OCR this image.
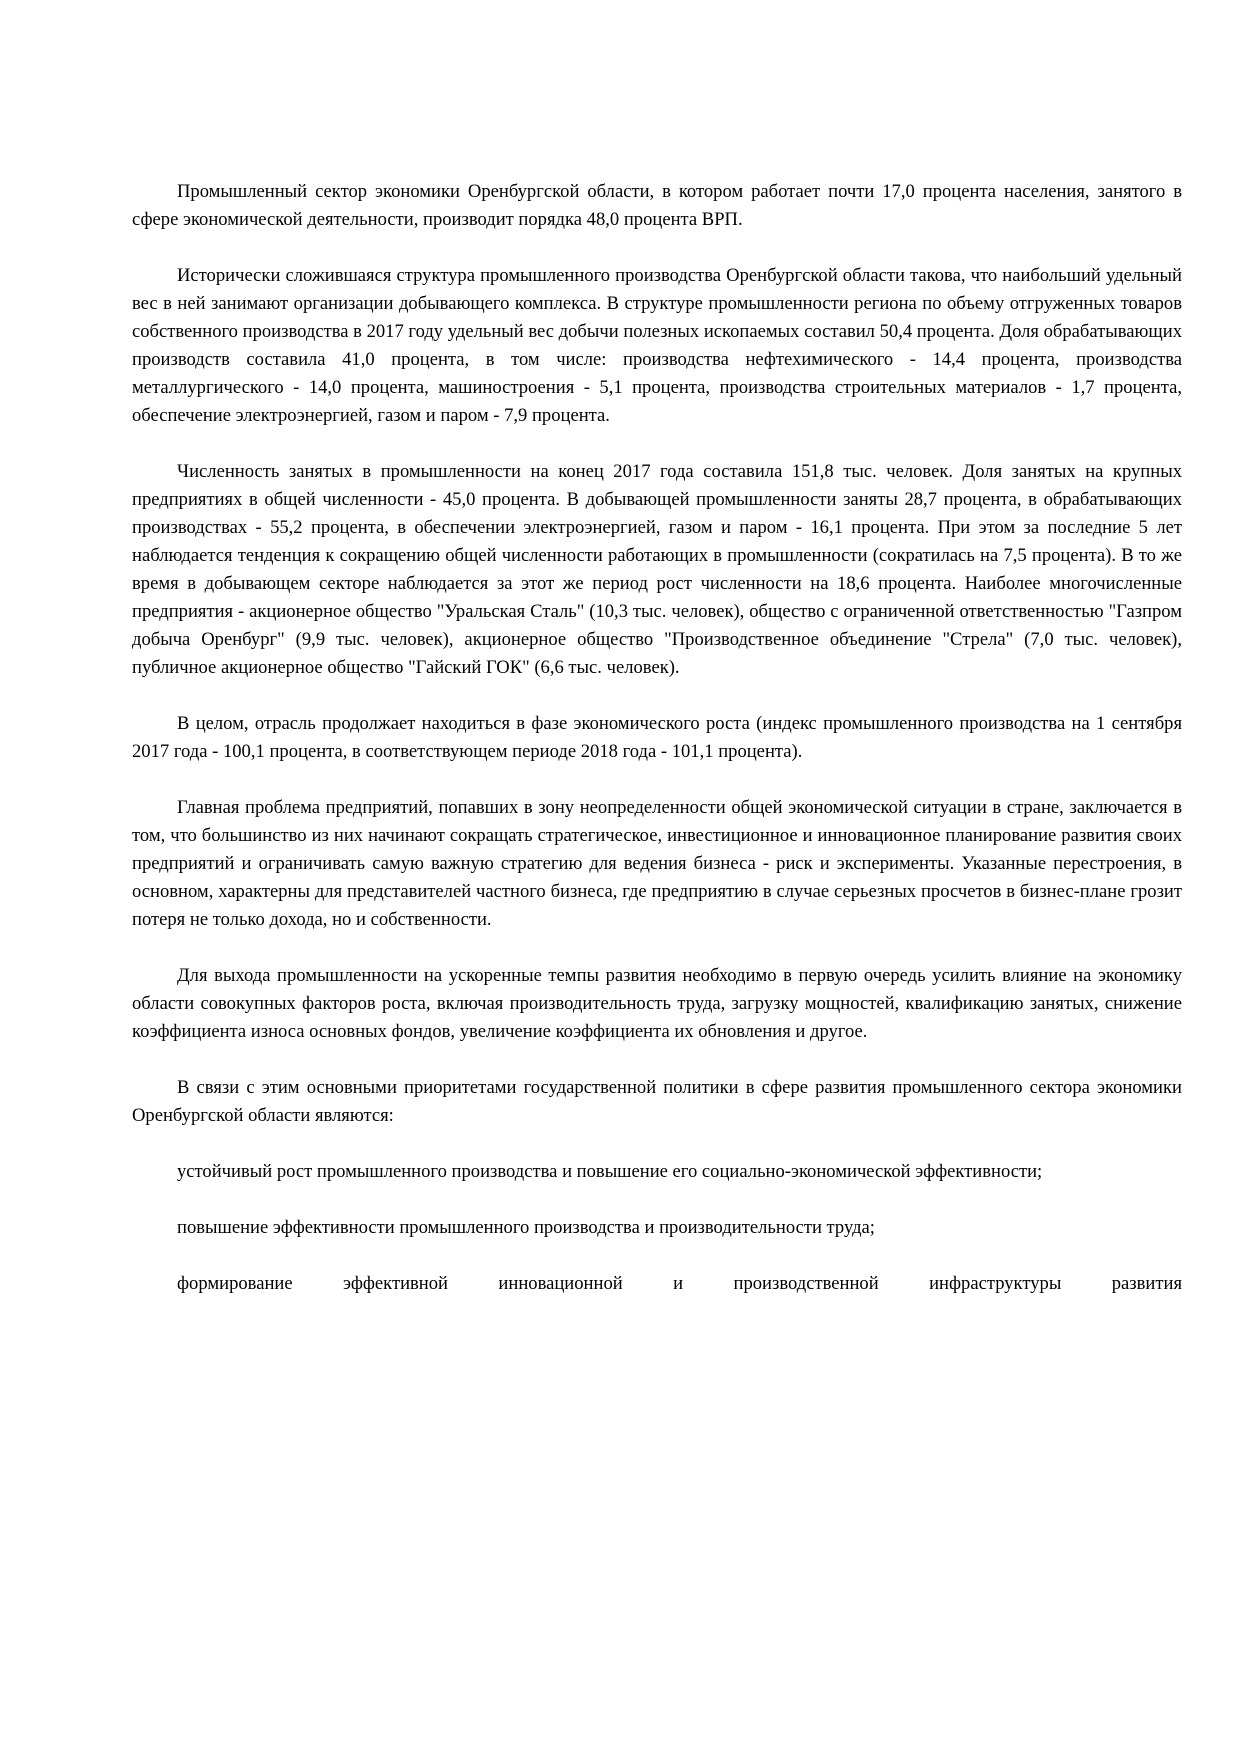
Промышленный сектор экономики Оренбургской области, в котором работает почти 17,0 процента населения, занятого в сфере экономической деятельности, производит порядка 48,0 процента ВРП.

Исторически сложившаяся структура промышленного производства Оренбургской области такова, что наибольший удельный вес в ней занимают организации добывающего комплекса. В структуре промышленности региона по объему отгруженных товаров собственного производства в 2017 году удельный вес добычи полезных ископаемых составил 50,4 процента. Доля обрабатывающих производств составила 41,0 процента, в том числе: производства нефтехимического - 14,4 процента, производства металлургического - 14,0 процента, машиностроения - 5,1 процента, производства строительных материалов - 1,7 процента, обеспечение электроэнергией, газом и паром - 7,9 процента.

Численность занятых в промышленности на конец 2017 года составила 151,8 тыс. человек. Доля занятых на крупных предприятиях в общей численности - 45,0 процента. В добывающей промышленности заняты 28,7 процента, в обрабатывающих производствах - 55,2 процента, в обеспечении электроэнергией, газом и паром - 16,1 процента. При этом за последние 5 лет наблюдается тенденция к сокращению общей численности работающих в промышленности (сократилась на 7,5 процента). В то же время в добывающем секторе наблюдается за этот же период рост численности на 18,6 процента. Наиболее многочисленные предприятия - акционерное общество "Уральская Сталь" (10,3 тыс. человек), общество с ограниченной ответственностью "Газпром добыча Оренбург" (9,9 тыс. человек), акционерное общество "Производственное объединение "Стрела" (7,0 тыс. человек), публичное акционерное общество "Гайский ГОК" (6,6 тыс. человек).

В целом, отрасль продолжает находиться в фазе экономического роста (индекс промышленного производства на 1 сентября 2017 года - 100,1 процента, в соответствующем периоде 2018 года - 101,1 процента).

Главная проблема предприятий, попавших в зону неопределенности общей экономической ситуации в стране, заключается в том, что большинство из них начинают сокращать стратегическое, инвестиционное и инновационное планирование развития своих предприятий и ограничивать самую важную стратегию для ведения бизнеса - риск и эксперименты. Указанные перестроения, в основном, характерны для представителей частного бизнеса, где предприятию в случае серьезных просчетов в бизнес-плане грозит потеря не только дохода, но и собственности.

Для выхода промышленности на ускоренные темпы развития необходимо в первую очередь усилить влияние на экономику области совокупных факторов роста, включая производительность труда, загрузку мощностей, квалификацию занятых, снижение коэффициента износа основных фондов, увеличение коэффициента их обновления и другое.

В связи с этим основными приоритетами государственной политики в сфере развития промышленного сектора экономики Оренбургской области являются:

устойчивый рост промышленного производства и повышение его социально-экономической эффективности;

повышение эффективности промышленного производства и производительности труда;

формирование эффективной инновационной и производственной инфраструктуры развития
